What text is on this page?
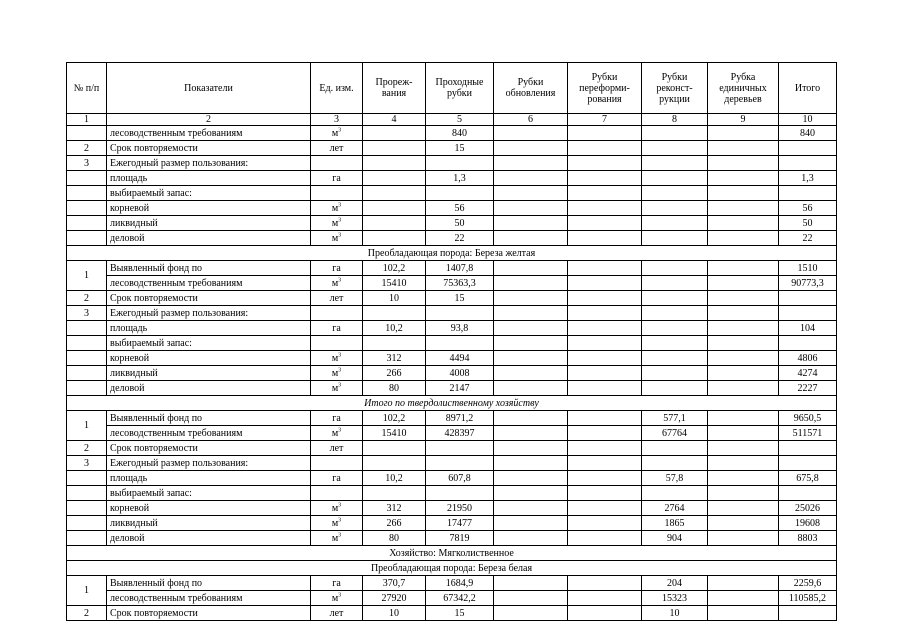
№ п/п	Показатели	Ед. изм.	Прореж-вания	Проходные рубки	Рубки обновления	Рубки переформи-рования	Рубки реконст-рукции	Рубка единичных деревьев	Итого
1	2	3	4	5	6	7	8	9	10
	лесоводственным требованиям	$м^3$		840					840
2	Срок повторяемости	лет		15					
3	Ежегодный размер пользования:								
	площадь	га		1,3					1,3
	выбираемый запас:								
	корневой	$м^3$		56					56
	ликвидный	$м^3$		50					50
	деловой	$м^3$		22					22
Преобладающая порода: Береза желтая									
1	Выявленный фонд по	га	102,2	1407,8					1510
	лесоводственным требованиям	$м^3$	15410	75363,3					90773,3
2	Срок повторяемости	лет	10	15					
3	Ежегодный размер пользования:								
	площадь	га	10,2	93,8					104
	выбираемый запас:								
	корневой	$м^3$	312	4494					4806
	ликвидный	$м^3$	266	4008					4274
	деловой	$м^3$	80	2147					2227
Итого по твердолиственному хозяйству									
1	Выявленный фонд по	га	102,2	8971,2			577,1		9650,5
	лесоводственным требованиям	$м^3$	15410	428397			67764		511571
2	Срок повторяемости	лет							
3	Ежегодный размер пользования:								
	площадь	га	10,2	607,8			57,8		675,8
	выбираемый запас:								
	корневой	$м^3$	312	21950			2764		25026
	ликвидный	$м^3$	266	17477			1865		19608
	деловой	$м^3$	80	7819			904		8803
Хозяйство: Мягколиственное									
Преобладающая порода: Береза белая									
1	Выявленный фонд по	га	370,7	1684,9			204		2259,6
	лесоводственным требованиям	$м^3$	27920	67342,2			15323		110585,2
2	Срок повторяемости	лет	10	15			10		
